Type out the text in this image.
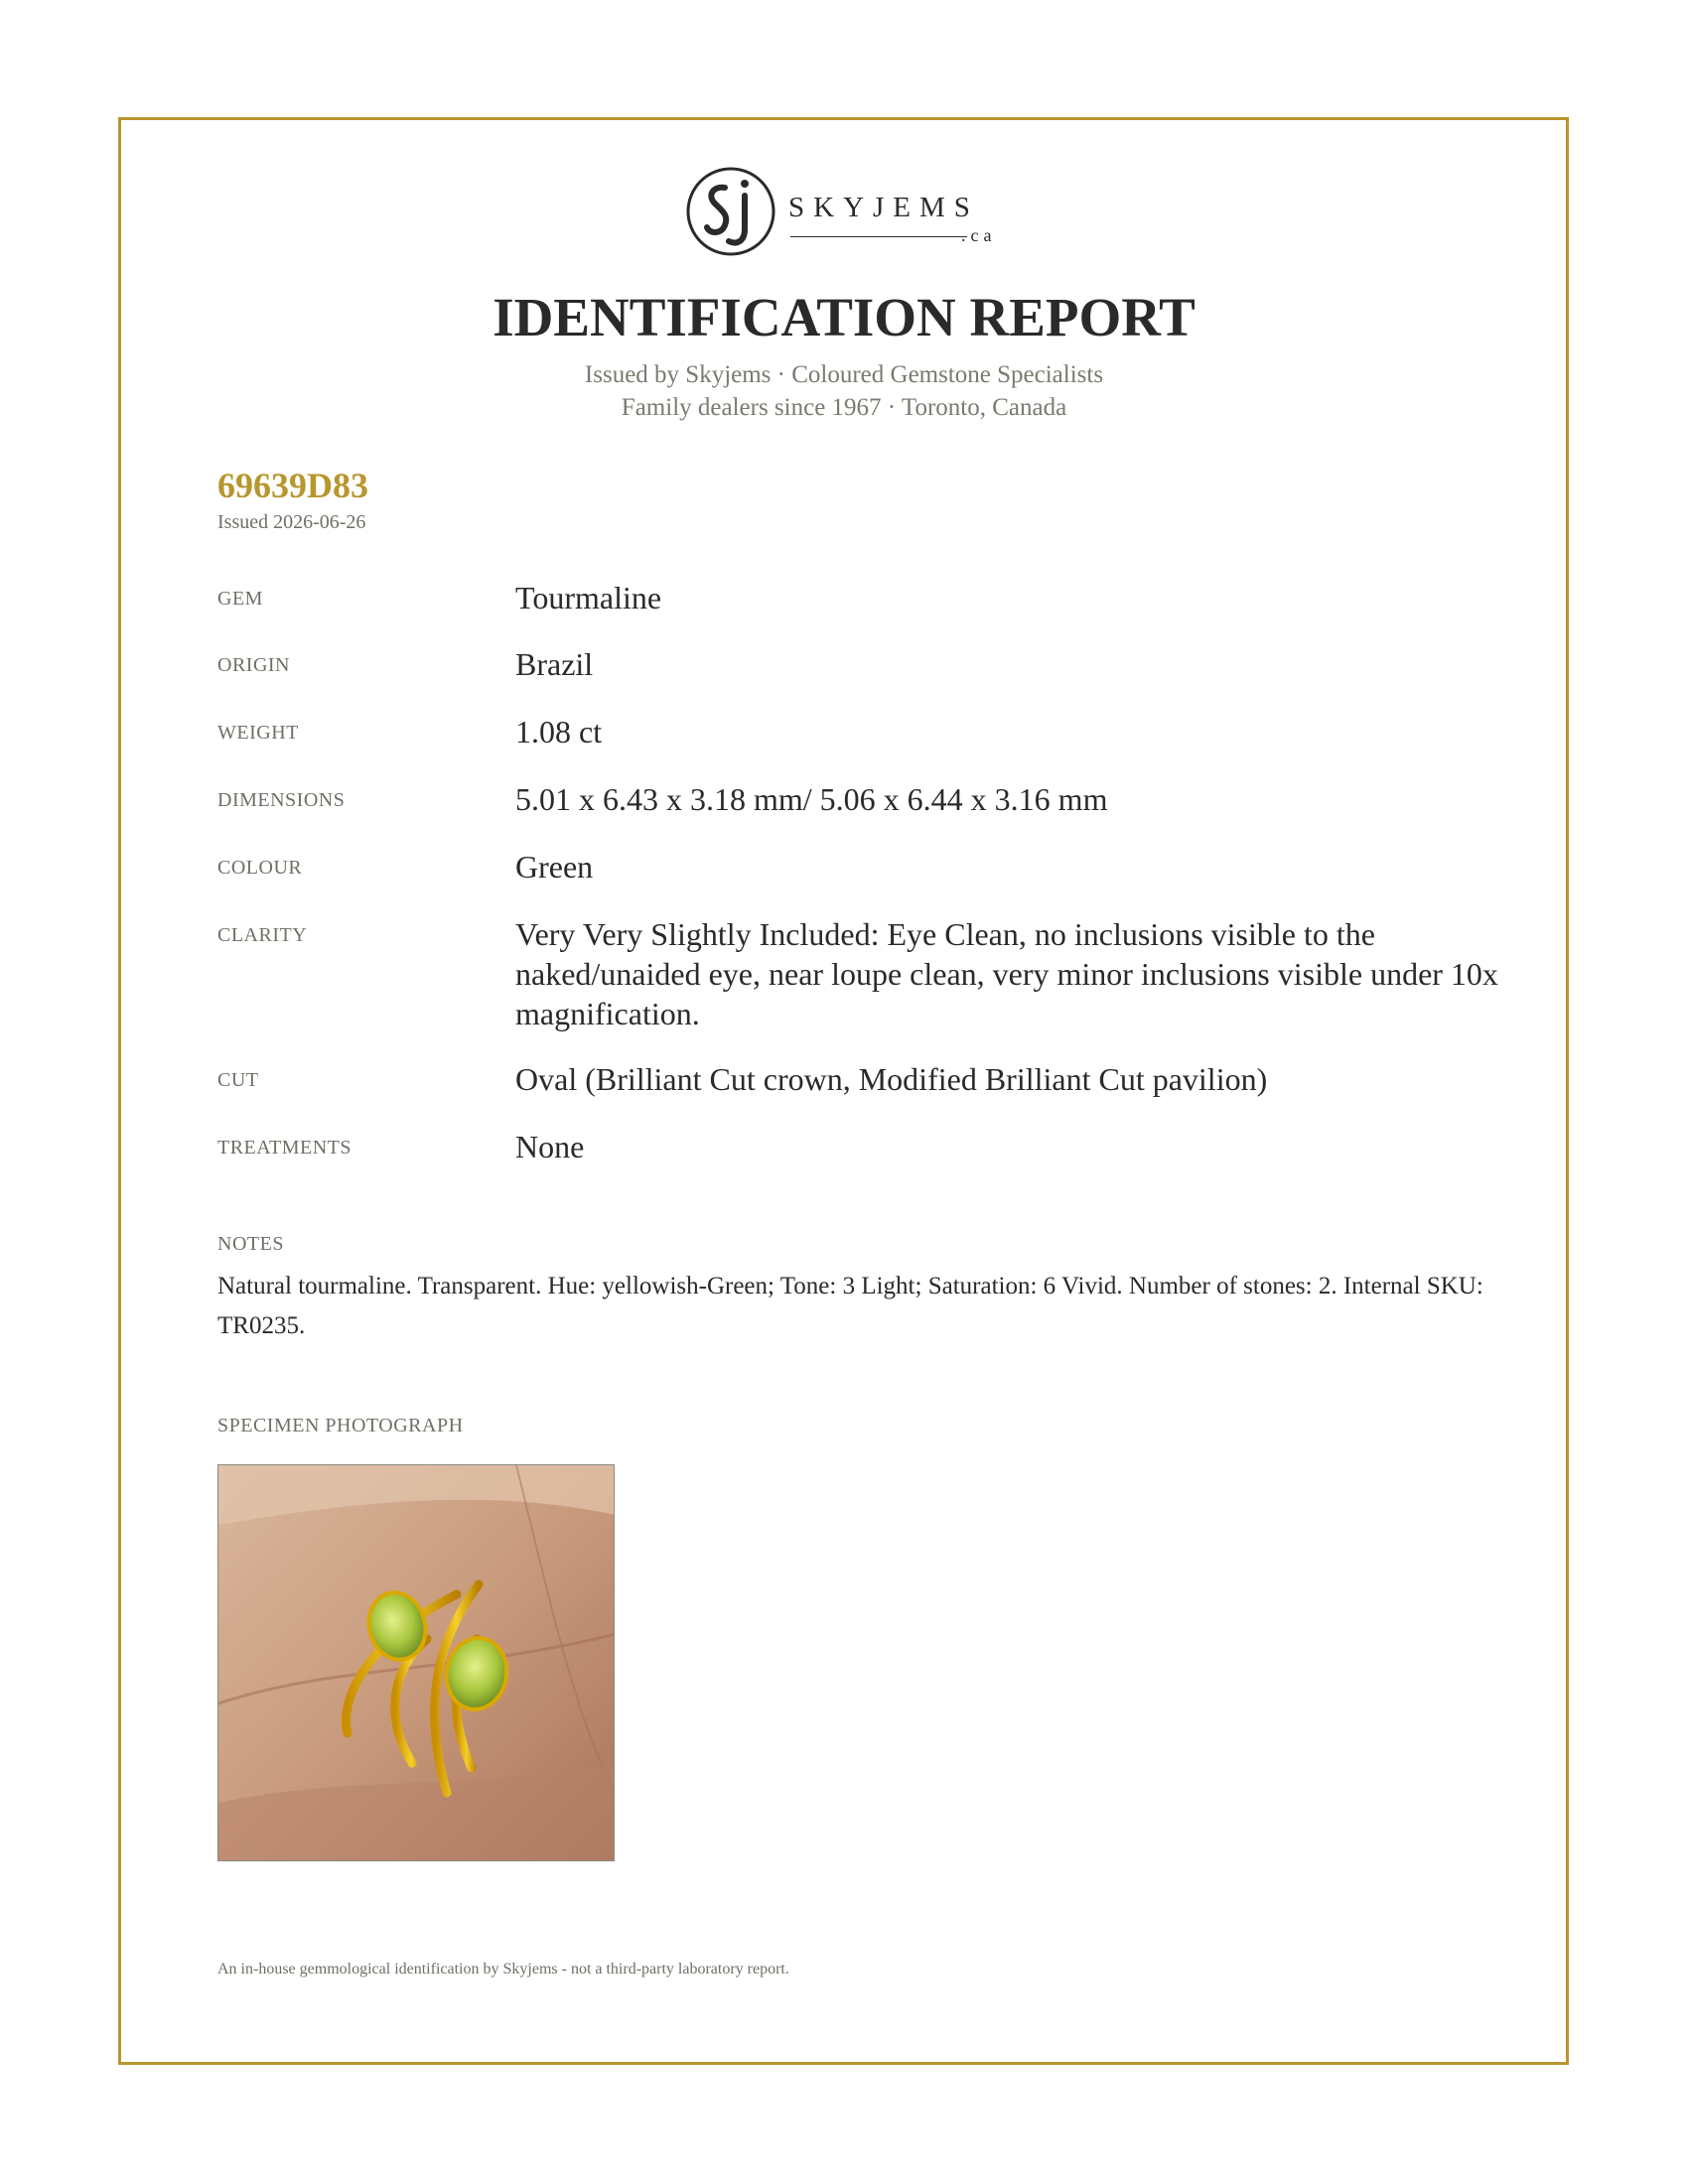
SKYJEMS
.ca
IDENTIFICATION REPORT
Issued by Skyjems · Coloured Gemstone Specialists
Family dealers since 1967 · Toronto, Canada
69639D83
Issued 2026-06-26
GEM	Tourmaline
ORIGIN	Brazil
WEIGHT	1.08 ct
DIMENSIONS	5.01 x 6.43 x 3.18 mm/ 5.06 x 6.44 x 3.16 mm
COLOUR	Green
CLARITY	Very Very Slightly Included: Eye Clean, no inclusions visible to the naked/unaided eye, near loupe clean, very minor inclusions visible under 10x magnification.
CUT	Oval (Brilliant Cut crown, Modified Brilliant Cut pavilion)
TREATMENTS	None
NOTES
Natural tourmaline. Transparent. Hue: yellowish-Green; Tone: 3 Light; Saturation: 6 Vivid. Number of stones: 2. Internal SKU: TR0235.
SPECIMEN PHOTOGRAPH
An in-house gemmological identification by Skyjems - not a third-party laboratory report.
